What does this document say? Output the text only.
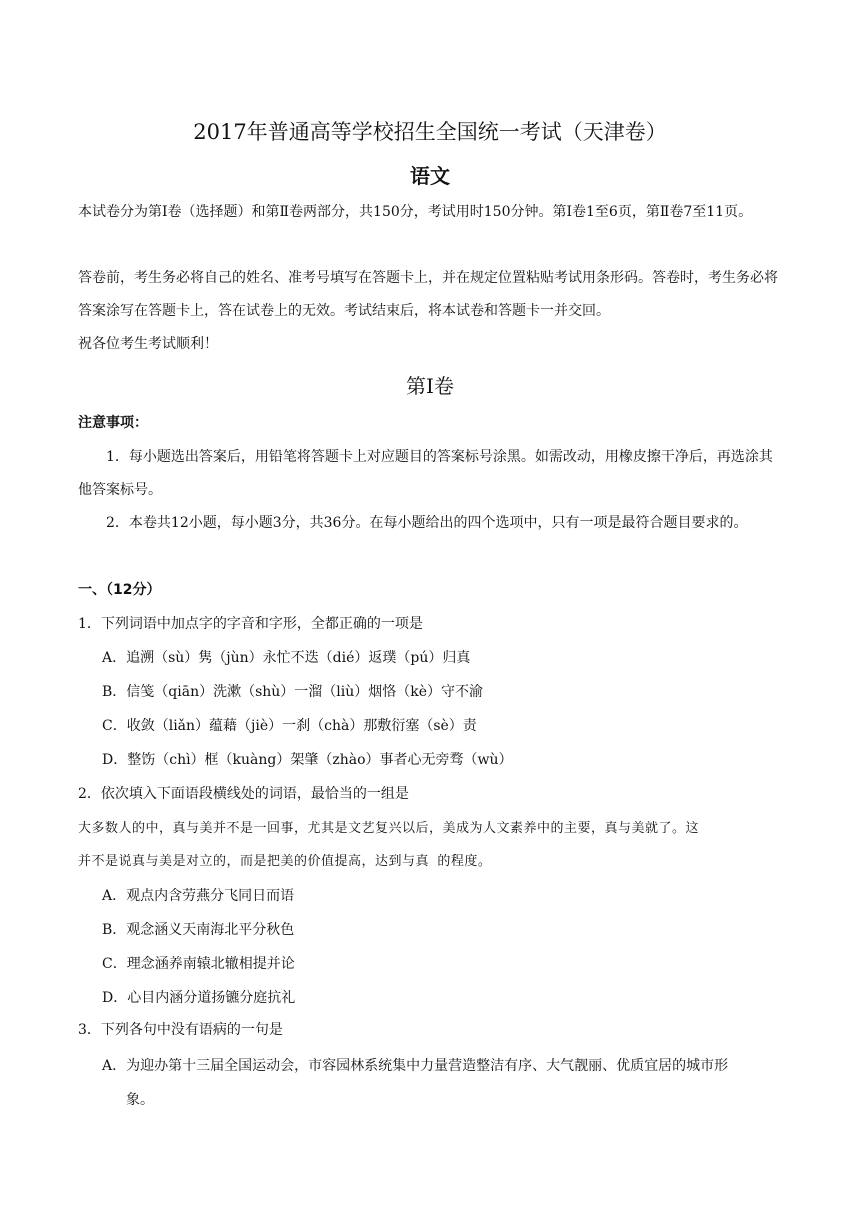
2017年普通高等学校招生全国统一考试（天津卷）
语文
本试卷分为第Ⅰ卷（选择题）和第Ⅱ卷两部分，共150分，考试用时150分钟。第Ⅰ卷1至6页，第Ⅱ卷7至11页。
答卷前，考生务必将自己的姓名、准考号填写在答题卡上，并在规定位置粘贴考试用条形码。答卷时，考生务必将答案涂写在答题卡上，答在试卷上的无效。考试结束后，将本试卷和答题卡一并交回。
祝各位考生考试顺利！
第Ⅰ卷
注意事项：
1．每小题选出答案后，用铅笔将答题卡上对应题目的答案标号涂黑。如需改动，用橡皮擦干净后，再选涂其他答案标号。
2．本卷共12小题，每小题3分，共36分。在每小题给出的四个选项中，只有一项是最符合题目要求的。
一、（12分）
1．下列词语中加点字的字音和字形，全都正确的一项是
A．追溯（sù）隽（jùn）永忙不迭（dié）返璞（pú）归真
B．信笺（qiān）洗漱（shù）一溜（liù）烟恪（kè）守不渝
C．收敛（liǎn）蕴藉（jiè）一刹（chà）那敷衍塞（sè）责
D．整饬（chì）框（kuàng）架肇（zhào）事者心无旁骛（wù）
2．依次填入下面语段横线处的词语，最恰当的一组是
大多数人的中，真与美并不是一回事，尤其是文艺复兴以后，美成为人文素养中的主要，真与美就了。这
并不是说真与美是对立的，而是把美的价值提高，达到与真 的程度。
A．观点内含劳燕分飞同日而语
B．观念涵义天南海北平分秋色
C．理念涵养南辕北辙相提并论
D．心目内涵分道扬镳分庭抗礼
3．下列各句中没有语病的一句是
A．为迎办第十三届全国运动会，市容园林系统集中力量营造整洁有序、大气靓丽、优质宜居的城市形
象。
